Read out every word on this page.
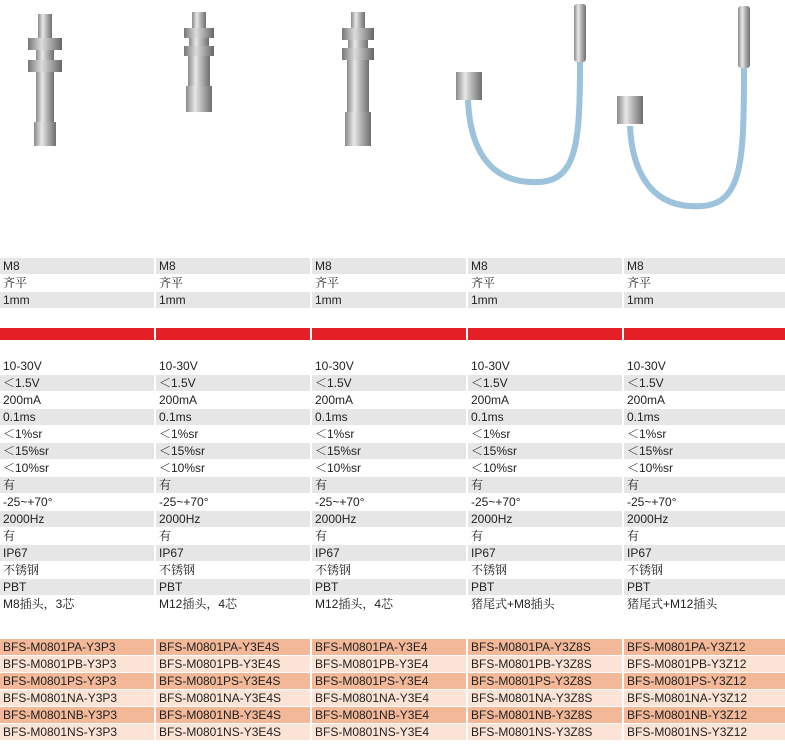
M8	M8	M8	M8	M8
齐平	齐平	齐平	齐平	齐平
1mm	1mm	1mm	1mm	1mm
10-30V	10-30V	10-30V	10-30V	10-30V
＜1.5V	＜1.5V	＜1.5V	＜1.5V	＜1.5V
200mA	200mA	200mA	200mA	200mA
0.1ms	0.1ms	0.1ms	0.1ms	0.1ms
＜1%sr	＜1%sr	＜1%sr	＜1%sr	＜1%sr
＜15%sr	＜15%sr	＜15%sr	＜15%sr	＜15%sr
＜10%sr	＜10%sr	＜10%sr	＜10%sr	＜10%sr
有	有	有	有	有
-25~+70°	-25~+70°	-25~+70°	-25~+70°	-25~+70°
2000Hz	2000Hz	2000Hz	2000Hz	2000Hz
有	有	有	有	有
IP67	IP67	IP67	IP67	IP67
不锈钢	不锈钢	不锈钢	不锈钢	不锈钢
PBT	PBT	PBT	PBT	PBT
M8插头，3芯	M12插头，4芯	M12插头，4芯	猪尾式+M8插头	猪尾式+M12插头
BFS-M0801PA-Y3P3	BFS-M0801PA-Y3E4S	BFS-M0801PA-Y3E4	BFS-M0801PA-Y3Z8S	BFS-M0801PA-Y3Z12
BFS-M0801PB-Y3P3	BFS-M0801PB-Y3E4S	BFS-M0801PB-Y3E4	BFS-M0801PB-Y3Z8S	BFS-M0801PB-Y3Z12
BFS-M0801PS-Y3P3	BFS-M0801PS-Y3E4S	BFS-M0801PS-Y3E4	BFS-M0801PS-Y3Z8S	BFS-M0801PS-Y3Z12
BFS-M0801NA-Y3P3	BFS-M0801NA-Y3E4S	BFS-M0801NA-Y3E4	BFS-M0801NA-Y3Z8S	BFS-M0801NA-Y3Z12
BFS-M0801NB-Y3P3	BFS-M0801NB-Y3E4S	BFS-M0801NB-Y3E4	BFS-M0801NB-Y3Z8S	BFS-M0801NB-Y3Z12
BFS-M0801NS-Y3P3	BFS-M0801NS-Y3E4S	BFS-M0801NS-Y3E4	BFS-M0801NS-Y3Z8S	BFS-M0801NS-Y3Z12
